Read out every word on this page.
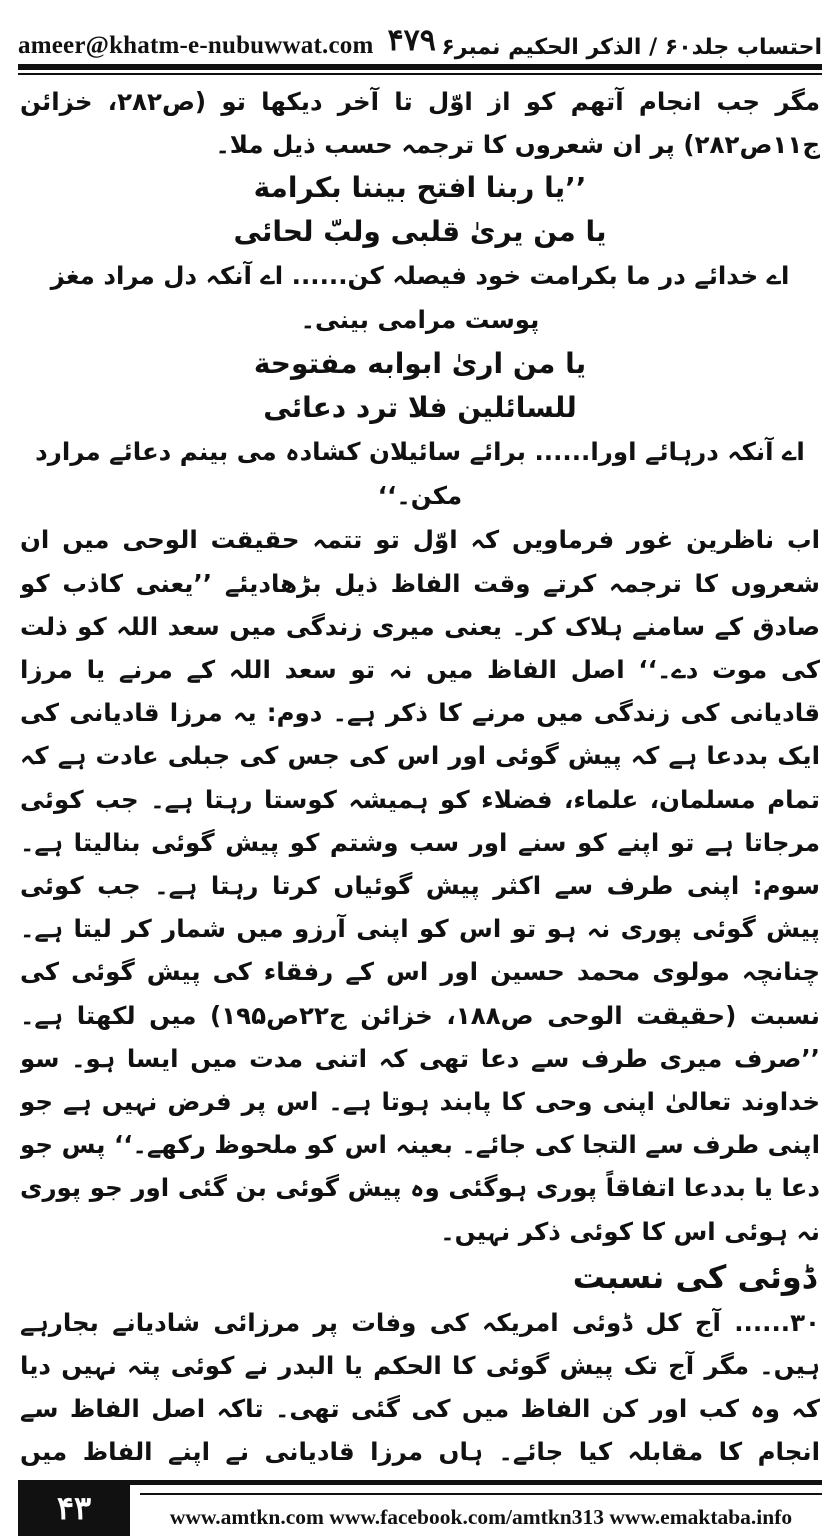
ameer@khatm-e-nubuwwat.com ۴۷۹ احتساب جلد۶۰ / الذکر الحکیم نمبر۶

مگر جب انجام آتھم کو از اوّل تا آخر دیکھا تو (ص۲۸۲، خزائن ج۱۱ص۲۸۲) پر ان شعروں کا ترجمہ حسب ذیل ملا۔

’’یا ربنا افتح بیننا بکرامة
یا من یریٰ قلبی ولبّ لحائی
اے خدائے در ما بکرامت خود فیصلہ کن...... اے آنکہ دل مراد مغز پوست مرامی بینی۔
یا من اریٰ ابوابه مفتوحة
للسائلین فلا ترد دعائی
اے آنکہ درہائے اورا...... برائے سائیلان کشادہ می بینم دعائے مرارد مکن۔‘‘

اب ناظرین غور فرماویں کہ اوّل تو تتمہ حقیقت الوحی میں ان شعروں کا ترجمہ کرتے وقت الفاظ ذیل بڑھادیئے ’’یعنی کاذب کو صادق کے سامنے ہلاک کر۔ یعنی میری زندگی میں سعد اللہ کو ذلت کی موت دے۔‘‘ اصل الفاظ میں نہ تو سعد اللہ کے مرنے یا مرزا قادیانی کی زندگی میں مرنے کا ذکر ہے۔ دوم: یہ مرزا قادیانی کی ایک بددعا ہے کہ پیش گوئی اور اس کی جس کی جبلی عادت ہے کہ تمام مسلمان، علماء، فضلاء کو ہمیشہ کوستا رہتا ہے۔ جب کوئی مرجاتا ہے تو اپنے کو سنے اور سب وشتم کو پیش گوئی بنالیتا ہے۔ سوم: اپنی طرف سے اکثر پیش گوئیاں کرتا رہتا ہے۔ جب کوئی پیش گوئی پوری نہ ہو تو اس کو اپنی آرزو میں شمار کر لیتا ہے۔ چنانچہ مولوی محمد حسین اور اس کے رفقاء کی پیش گوئی کی نسبت (حقیقت الوحی ص۱۸۸، خزائن ج۲۲ص۱۹۵) میں لکھتا ہے۔ ’’صرف میری طرف سے دعا تھی کہ اتنی مدت میں ایسا ہو۔ سو خداوند تعالیٰ اپنی وحی کا پابند ہوتا ہے۔ اس پر فرض نہیں ہے جو اپنی طرف سے التجا کی جائے۔ بعینہ اس کو ملحوظ رکھے۔‘‘ پس جو دعا یا بددعا اتفاقاً پوری ہوگئی وہ پیش گوئی بن گئی اور جو پوری نہ ہوئی اس کا کوئی ذکر نہیں۔

ڈوئی کی نسبت

۳۰...... آج کل ڈوئی امریکہ کی وفات پر مرزائی شادیانے بجارہے ہیں۔ مگر آج تک پیش گوئی کا الحکم یا البدر نے کوئی پتہ نہیں دیا کہ وہ کب اور کن الفاظ میں کی گئی تھی۔ تاکہ اصل الفاظ سے انجام کا مقابلہ کیا جائے۔ ہاں مرزا قادیانی نے اپنے الفاظ میں

۴۳	www.amtkn.com www.facebook.com/amtkn313 www.emaktaba.info
